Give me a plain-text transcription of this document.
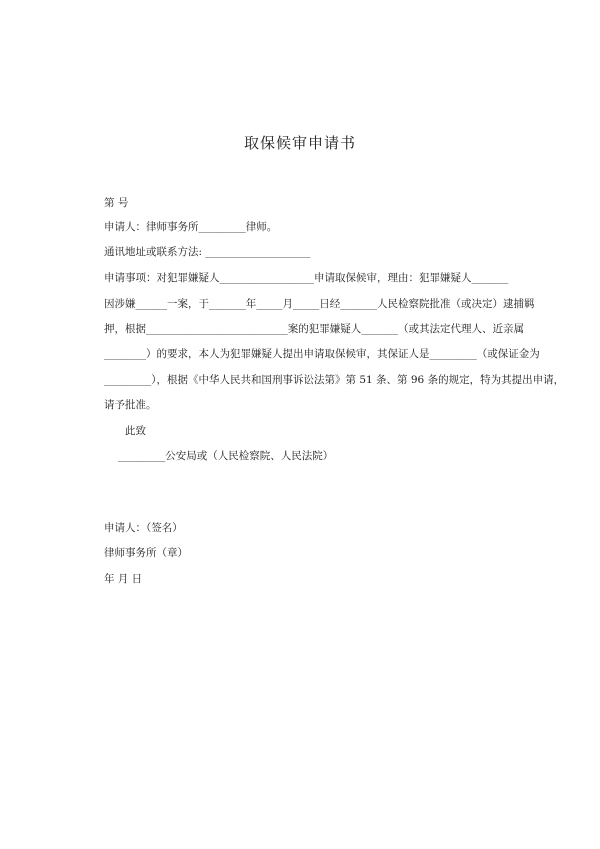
取保候审申请书
第 号
申请人：律师事务所_________律师。
通讯地址或联系方法: ____________________
申请事项：对犯罪嫌疑人__________________申请取保候审，理由：犯罪嫌疑人_______
因涉嫌______一案，于_______年_____月_____日经_______人民检察院批准（或决定）逮捕羁
押，根据___________________________案的犯罪嫌疑人_______（或其法定代理人、近亲属
________）的要求，本人为犯罪嫌疑人提出申请取保候审，其保证人是_________（或保证金为
_________），根据《中华人民共和国刑事诉讼法第》第 51 条、第 96 条的规定，特为其提出申请，
请予批准。
此致
_________公安局或（人民检察院、人民法院）
申请人：（签名）
律师事务所（章）
年 月 日
